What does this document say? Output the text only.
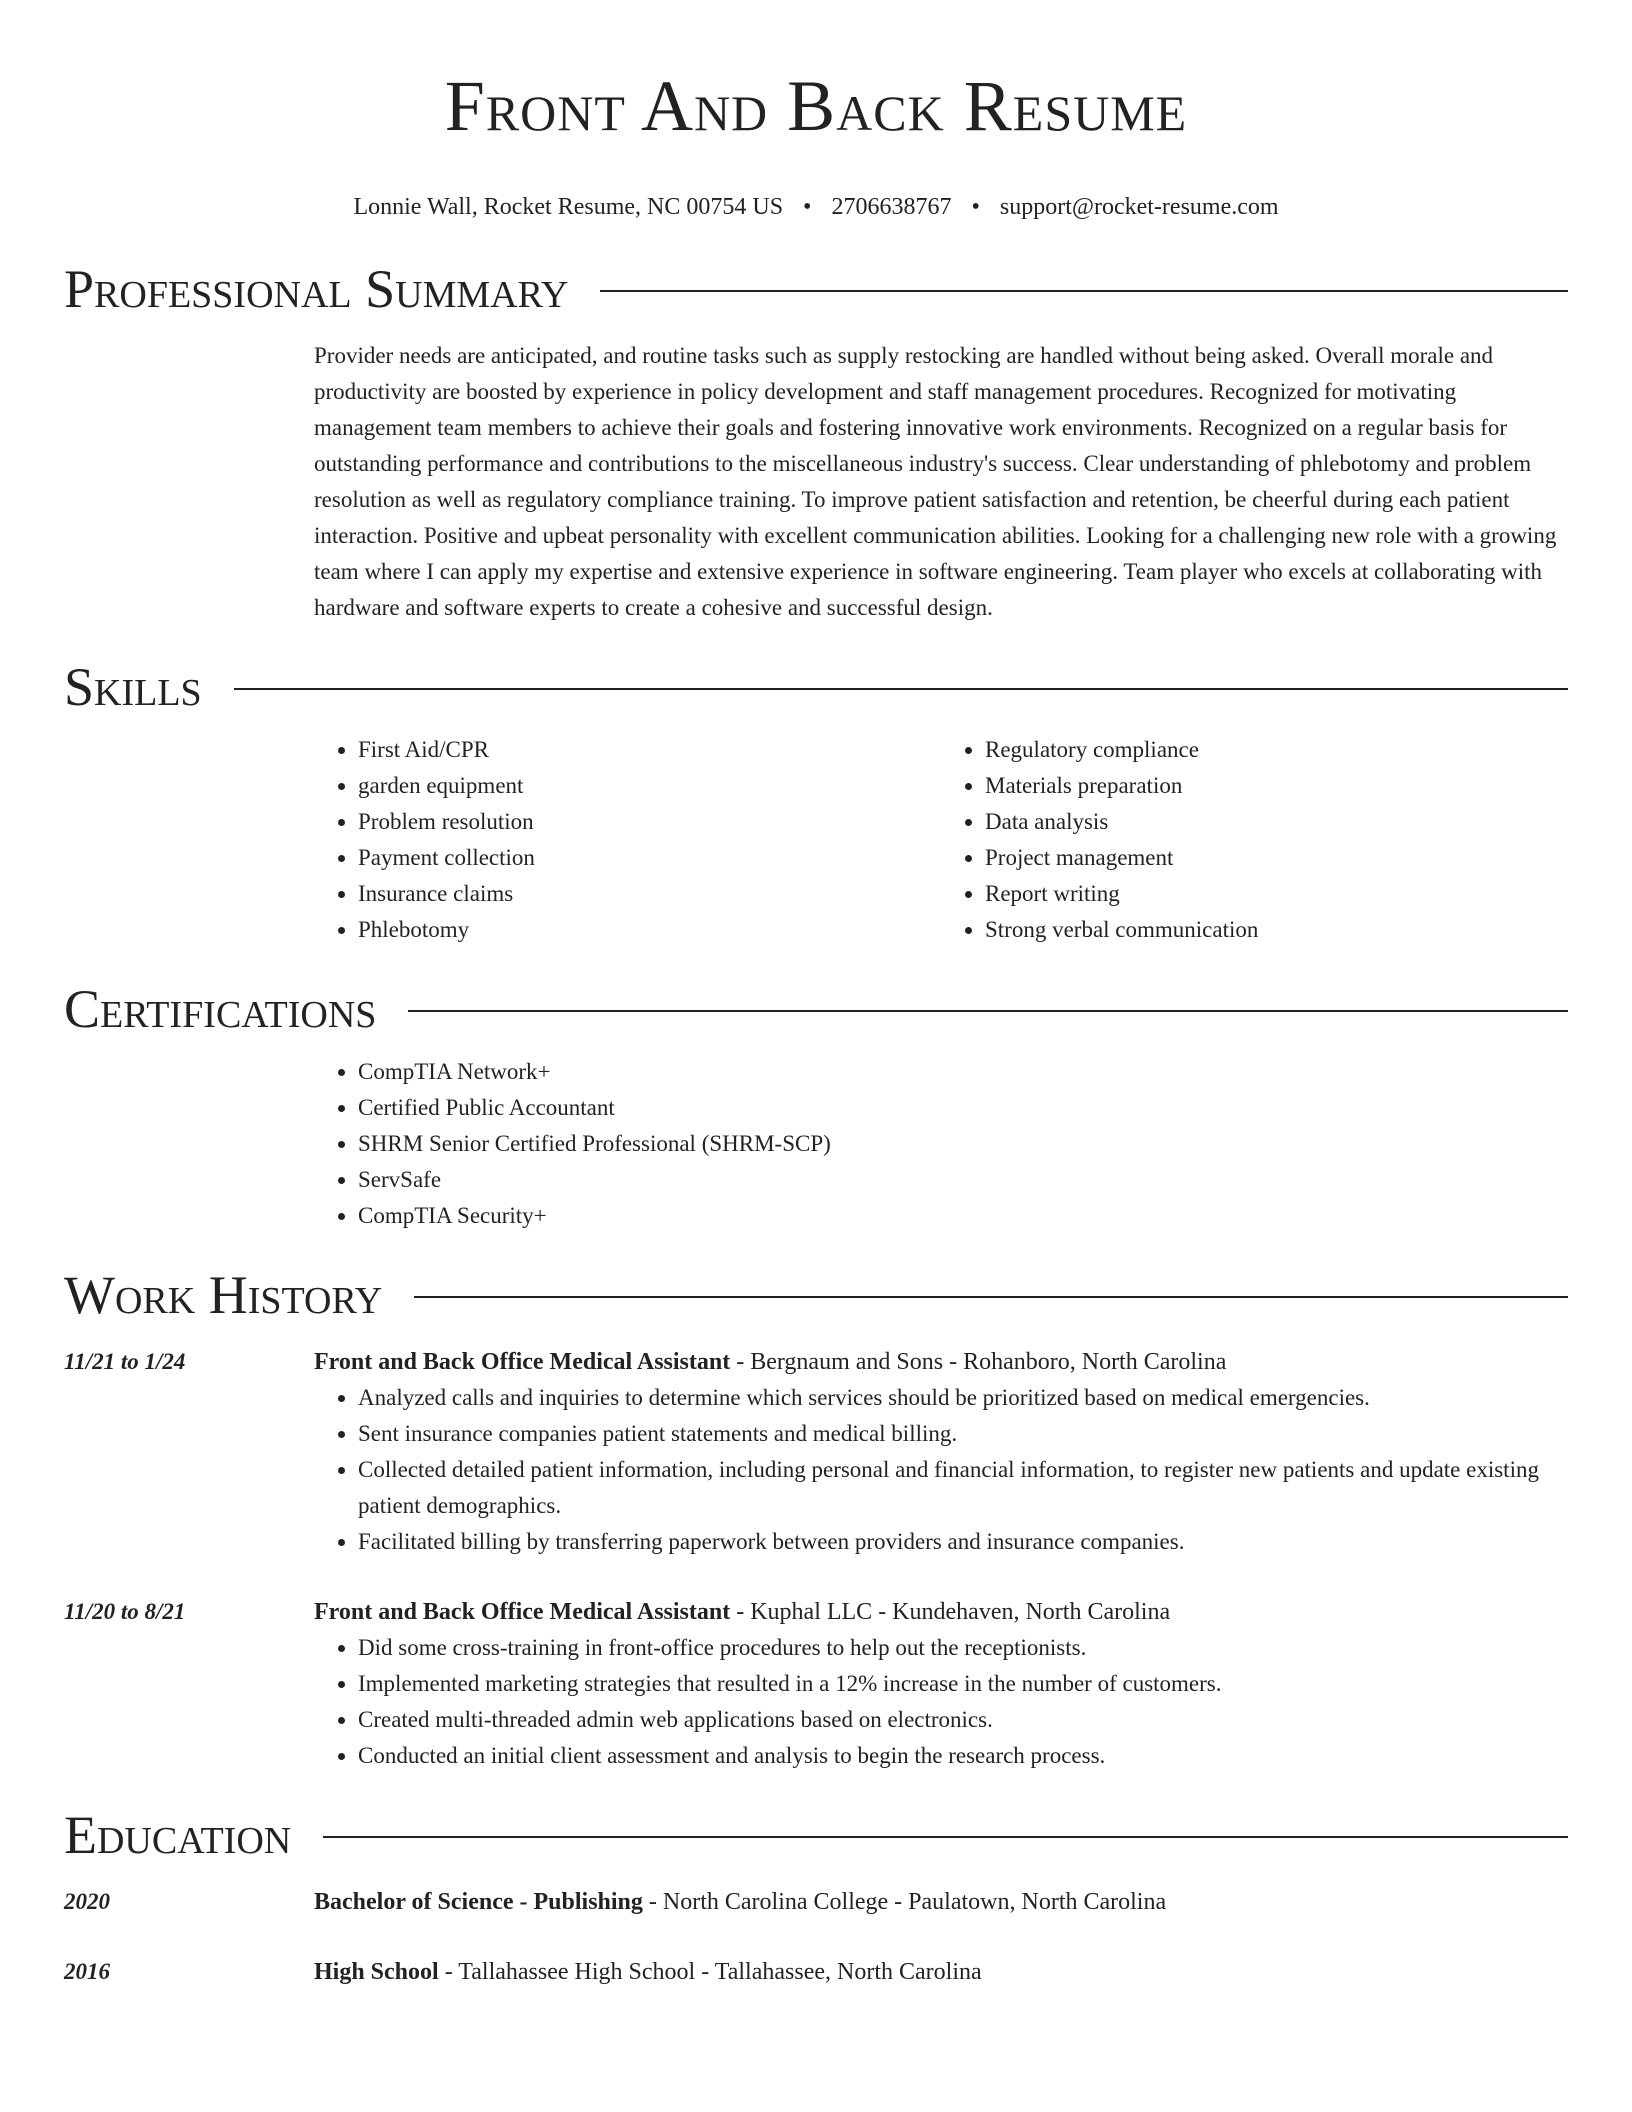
Front And Back Resume
Lonnie Wall, Rocket Resume, NC 00754 US • 2706638767 • support@rocket-resume.com
Professional Summary
Provider needs are anticipated, and routine tasks such as supply restocking are handled without being asked. Overall morale and productivity are boosted by experience in policy development and staff management procedures. Recognized for motivating management team members to achieve their goals and fostering innovative work environments. Recognized on a regular basis for outstanding performance and contributions to the miscellaneous industry's success. Clear understanding of phlebotomy and problem resolution as well as regulatory compliance training. To improve patient satisfaction and retention, be cheerful during each patient interaction. Positive and upbeat personality with excellent communication abilities. Looking for a challenging new role with a growing team where I can apply my expertise and extensive experience in software engineering. Team player who excels at collaborating with hardware and software experts to create a cohesive and successful design.
Skills
• First Aid/CPR
• garden equipment
• Problem resolution
• Payment collection
• Insurance claims
• Phlebotomy
• Regulatory compliance
• Materials preparation
• Data analysis
• Project management
• Report writing
• Strong verbal communication
Certifications
• CompTIA Network+
• Certified Public Accountant
• SHRM Senior Certified Professional (SHRM-SCP)
• ServSafe
• CompTIA Security+
Work History
11/21 to 1/24	Front and Back Office Medical Assistant - Bergnaum and Sons - Rohanboro, North Carolina
• Analyzed calls and inquiries to determine which services should be prioritized based on medical emergencies.
• Sent insurance companies patient statements and medical billing.
• Collected detailed patient information, including personal and financial information, to register new patients and update existing patient demographics.
• Facilitated billing by transferring paperwork between providers and insurance companies.
11/20 to 8/21	Front and Back Office Medical Assistant - Kuphal LLC - Kundehaven, North Carolina
• Did some cross-training in front-office procedures to help out the receptionists.
• Implemented marketing strategies that resulted in a 12% increase in the number of customers.
• Created multi-threaded admin web applications based on electronics.
• Conducted an initial client assessment and analysis to begin the research process.
Education
2020	Bachelor of Science - Publishing - North Carolina College - Paulatown, North Carolina
2016	High School - Tallahassee High School - Tallahassee, North Carolina
